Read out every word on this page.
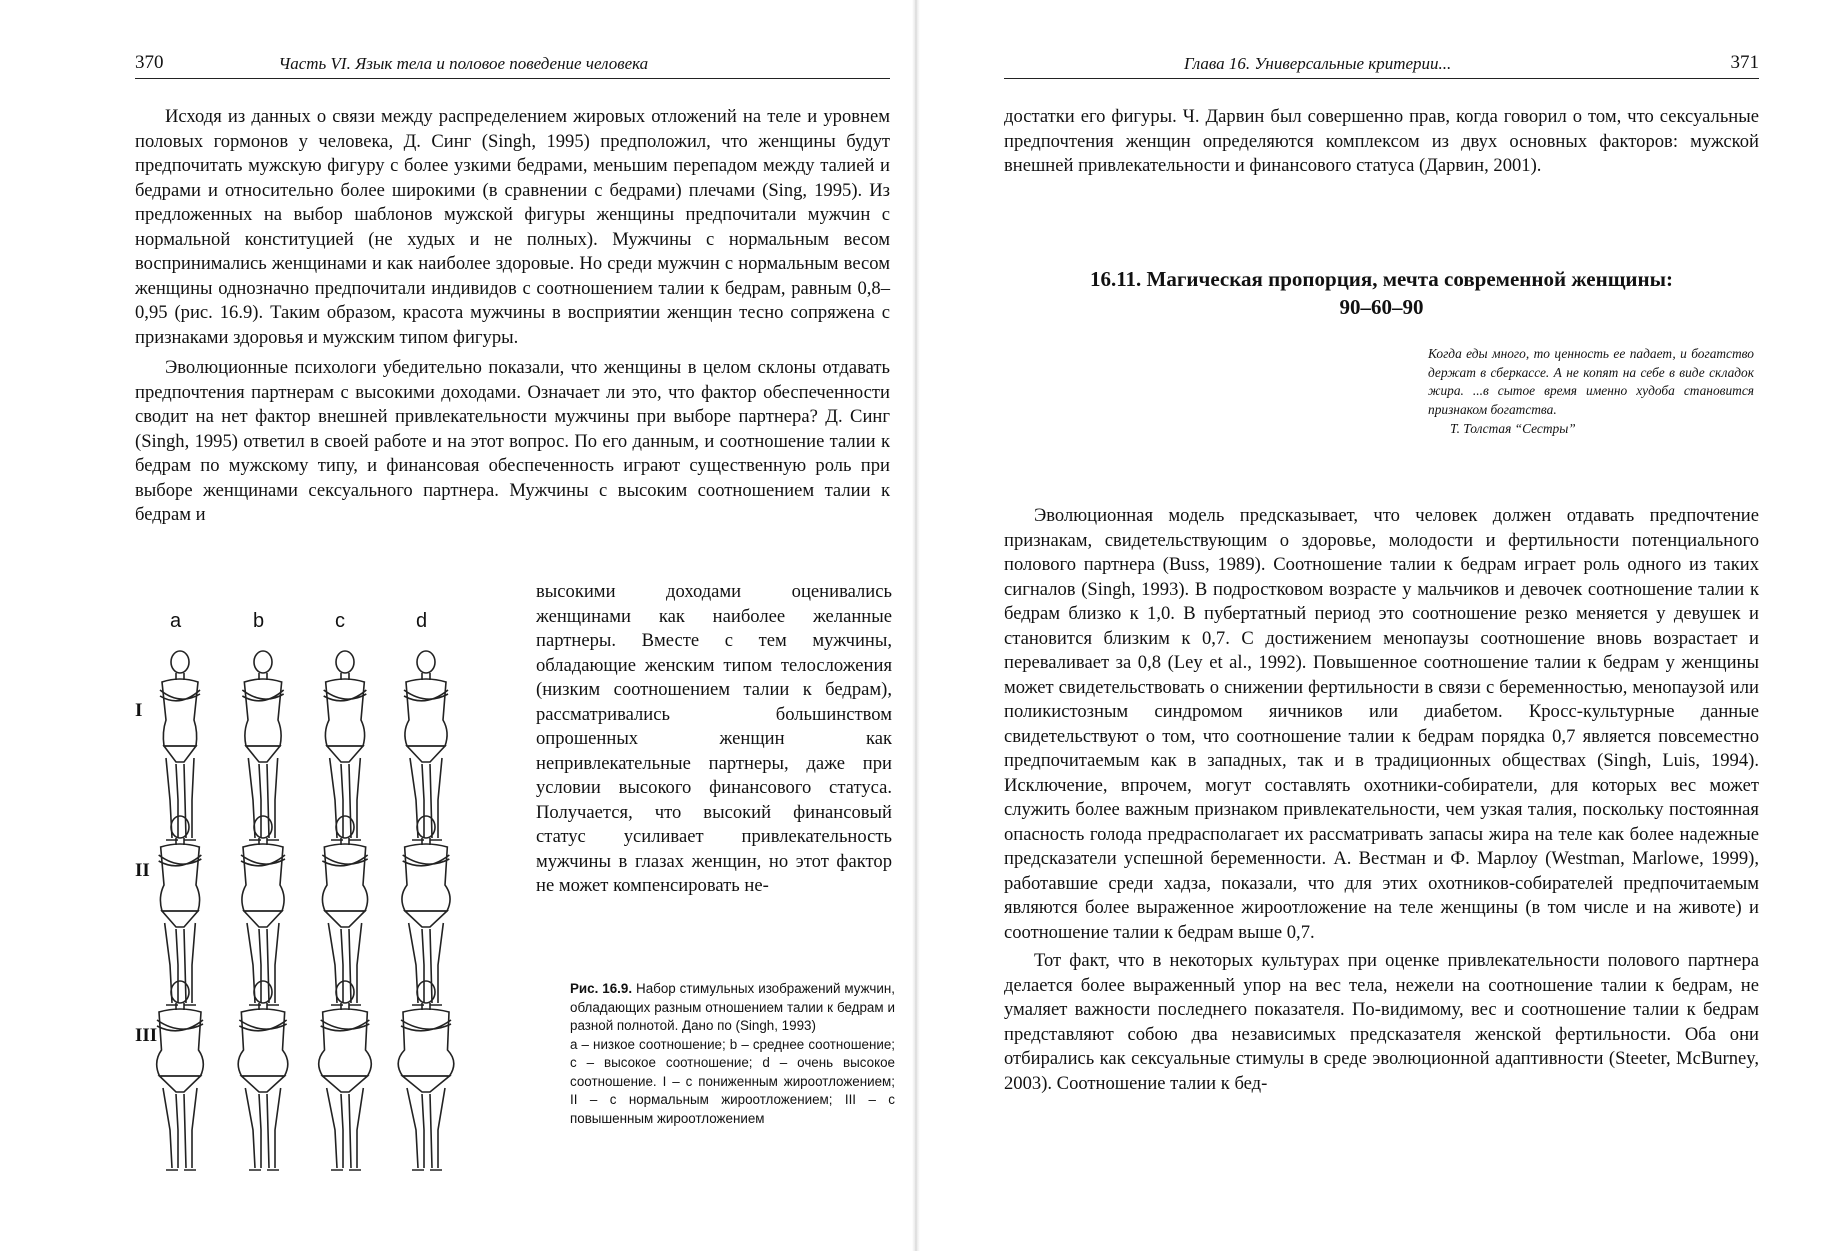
370	Часть VI. Язык тела и половое поведение человека

Исходя из данных о связи между распределением жировых отложений на теле и уровнем половых гормонов у человека, Д. Синг (Singh, 1995) предположил, что женщины будут предпочитать мужскую фигуру с более узкими бедрами, меньшим перепадом между талией и бедрами и относительно более широкими (в сравнении с бедрами) плечами (Sing, 1995). Из предложенных на выбор шаблонов мужской фигуры женщины предпочитали мужчин с нормальной конституцией (не худых и не полных). Мужчины с нормальным весом воспринимались женщинами и как наиболее здоровые. Но среди мужчин с нормальным весом женщины однозначно предпочитали индивидов с соотношением талии к бедрам, равным 0,8–0,95 (рис. 16.9). Таким образом, красота мужчины в восприятии женщин тесно сопряжена с признаками здоровья и мужским типом фигуры.

Эволюционные психологи убедительно показали, что женщины в целом склоны отдавать предпочтения партнерам с высокими доходами. Означает ли это, что фактор обеспеченности сводит на нет фактор внешней привлекательности мужчины при выборе партнера? Д. Синг (Singh, 1995) ответил в своей работе и на этот вопрос. По его данным, и соотношение талии к бедрам по мужскому типу, и финансовая обеспеченность играют существенную роль при выборе женщинами сексуального партнера. Мужчины с высоким соотношением талии к бедрам и

высокими доходами оценивались женщинами как наиболее желанные партнеры. Вместе с тем мужчины, обладающие женским типом телосложения (низким соотношением талии к бедрам), рассматривались большинством опрошенных женщин как непривлекательные партнеры, даже при условии высокого финансового статуса. Получается, что высокий финансовый статус усиливает привлекательность мужчины в глазах женщин, но этот фактор не может компенсировать не-

a	b	c	d
I
II
III
Рис. 16.9. Набор стимульных изображений мужчин, обладающих разным отношением талии к бедрам и разной полнотой. Дано по (Singh, 1993)
а – низкое соотношение; b – среднее соотношение; с – высокое соотношение; d – очень высокое соотношение. I – с пониженным жироотложением; II – с нормальным жироотложением; III – с повышенным жироотложением
Глава 16. Универсальные критерии...	371

достатки его фигуры. Ч. Дарвин был совершенно прав, когда говорил о том, что сексуальные предпочтения женщин определяются комплексом из двух основных факторов: мужской внешней привлекательности и финансового статуса (Дарвин, 2001).

16.11. Магическая пропорция, мечта современной женщины:
90–60–90
Когда еды много, то ценность ее падает, и богатство держат в сберкассе. А не копят на себе в виде складок жира. ...в сытое время именно худоба становится признаком богатства.
Т. Толстая “Сестры”

Эволюционная модель предсказывает, что человек должен отдавать предпочтение признакам, свидетельствующим о здоровье, молодости и фертильности потенциального полового партнера (Buss, 1989). Соотношение талии к бедрам играет роль одного из таких сигналов (Singh, 1993). В подростковом возрасте у мальчиков и девочек соотношение талии к бедрам близко к 1,0. В пубертатный период это соотношение резко меняется у девушек и становится близким к 0,7. С достижением менопаузы соотношение вновь возрастает и переваливает за 0,8 (Ley et al., 1992). Повышенное соотношение талии к бедрам у женщины может свидетельствовать о снижении фертильности в связи с беременностью, менопаузой или поликистозным синдромом яичников или диабетом. Кросс-культурные данные свидетельствуют о том, что соотношение талии к бедрам порядка 0,7 является повсеместно предпочитаемым как в западных, так и в традиционных обществах (Singh, Luis, 1994). Исключение, впрочем, могут составлять охотники-собиратели, для которых вес может служить более важным признаком привлекательности, чем узкая талия, поскольку постоянная опасность голода предрасполагает их рассматривать запасы жира на теле как более надежные предсказатели успешной беременности. А. Вестман и Ф. Марлоу (Westman, Marlowe, 1999), работавшие среди хадза, показали, что для этих охотников-собирателей предпочитаемым являются более выраженное жироотложение на теле женщины (в том числе и на животе) и соотношение талии к бедрам выше 0,7.

Тот факт, что в некоторых культурах при оценке привлекательности полового партнера делается более выраженный упор на вес тела, нежели на соотношение талии к бедрам, не умаляет важности последнего показателя. По-видимому, вес и соотношение талии к бедрам представляют собою два независимых предсказателя женской фертильности. Оба они отбирались как сексуальные стимулы в среде эволюционной адаптивности (Steeter, McBurney, 2003). Соотношение талии к бед-
